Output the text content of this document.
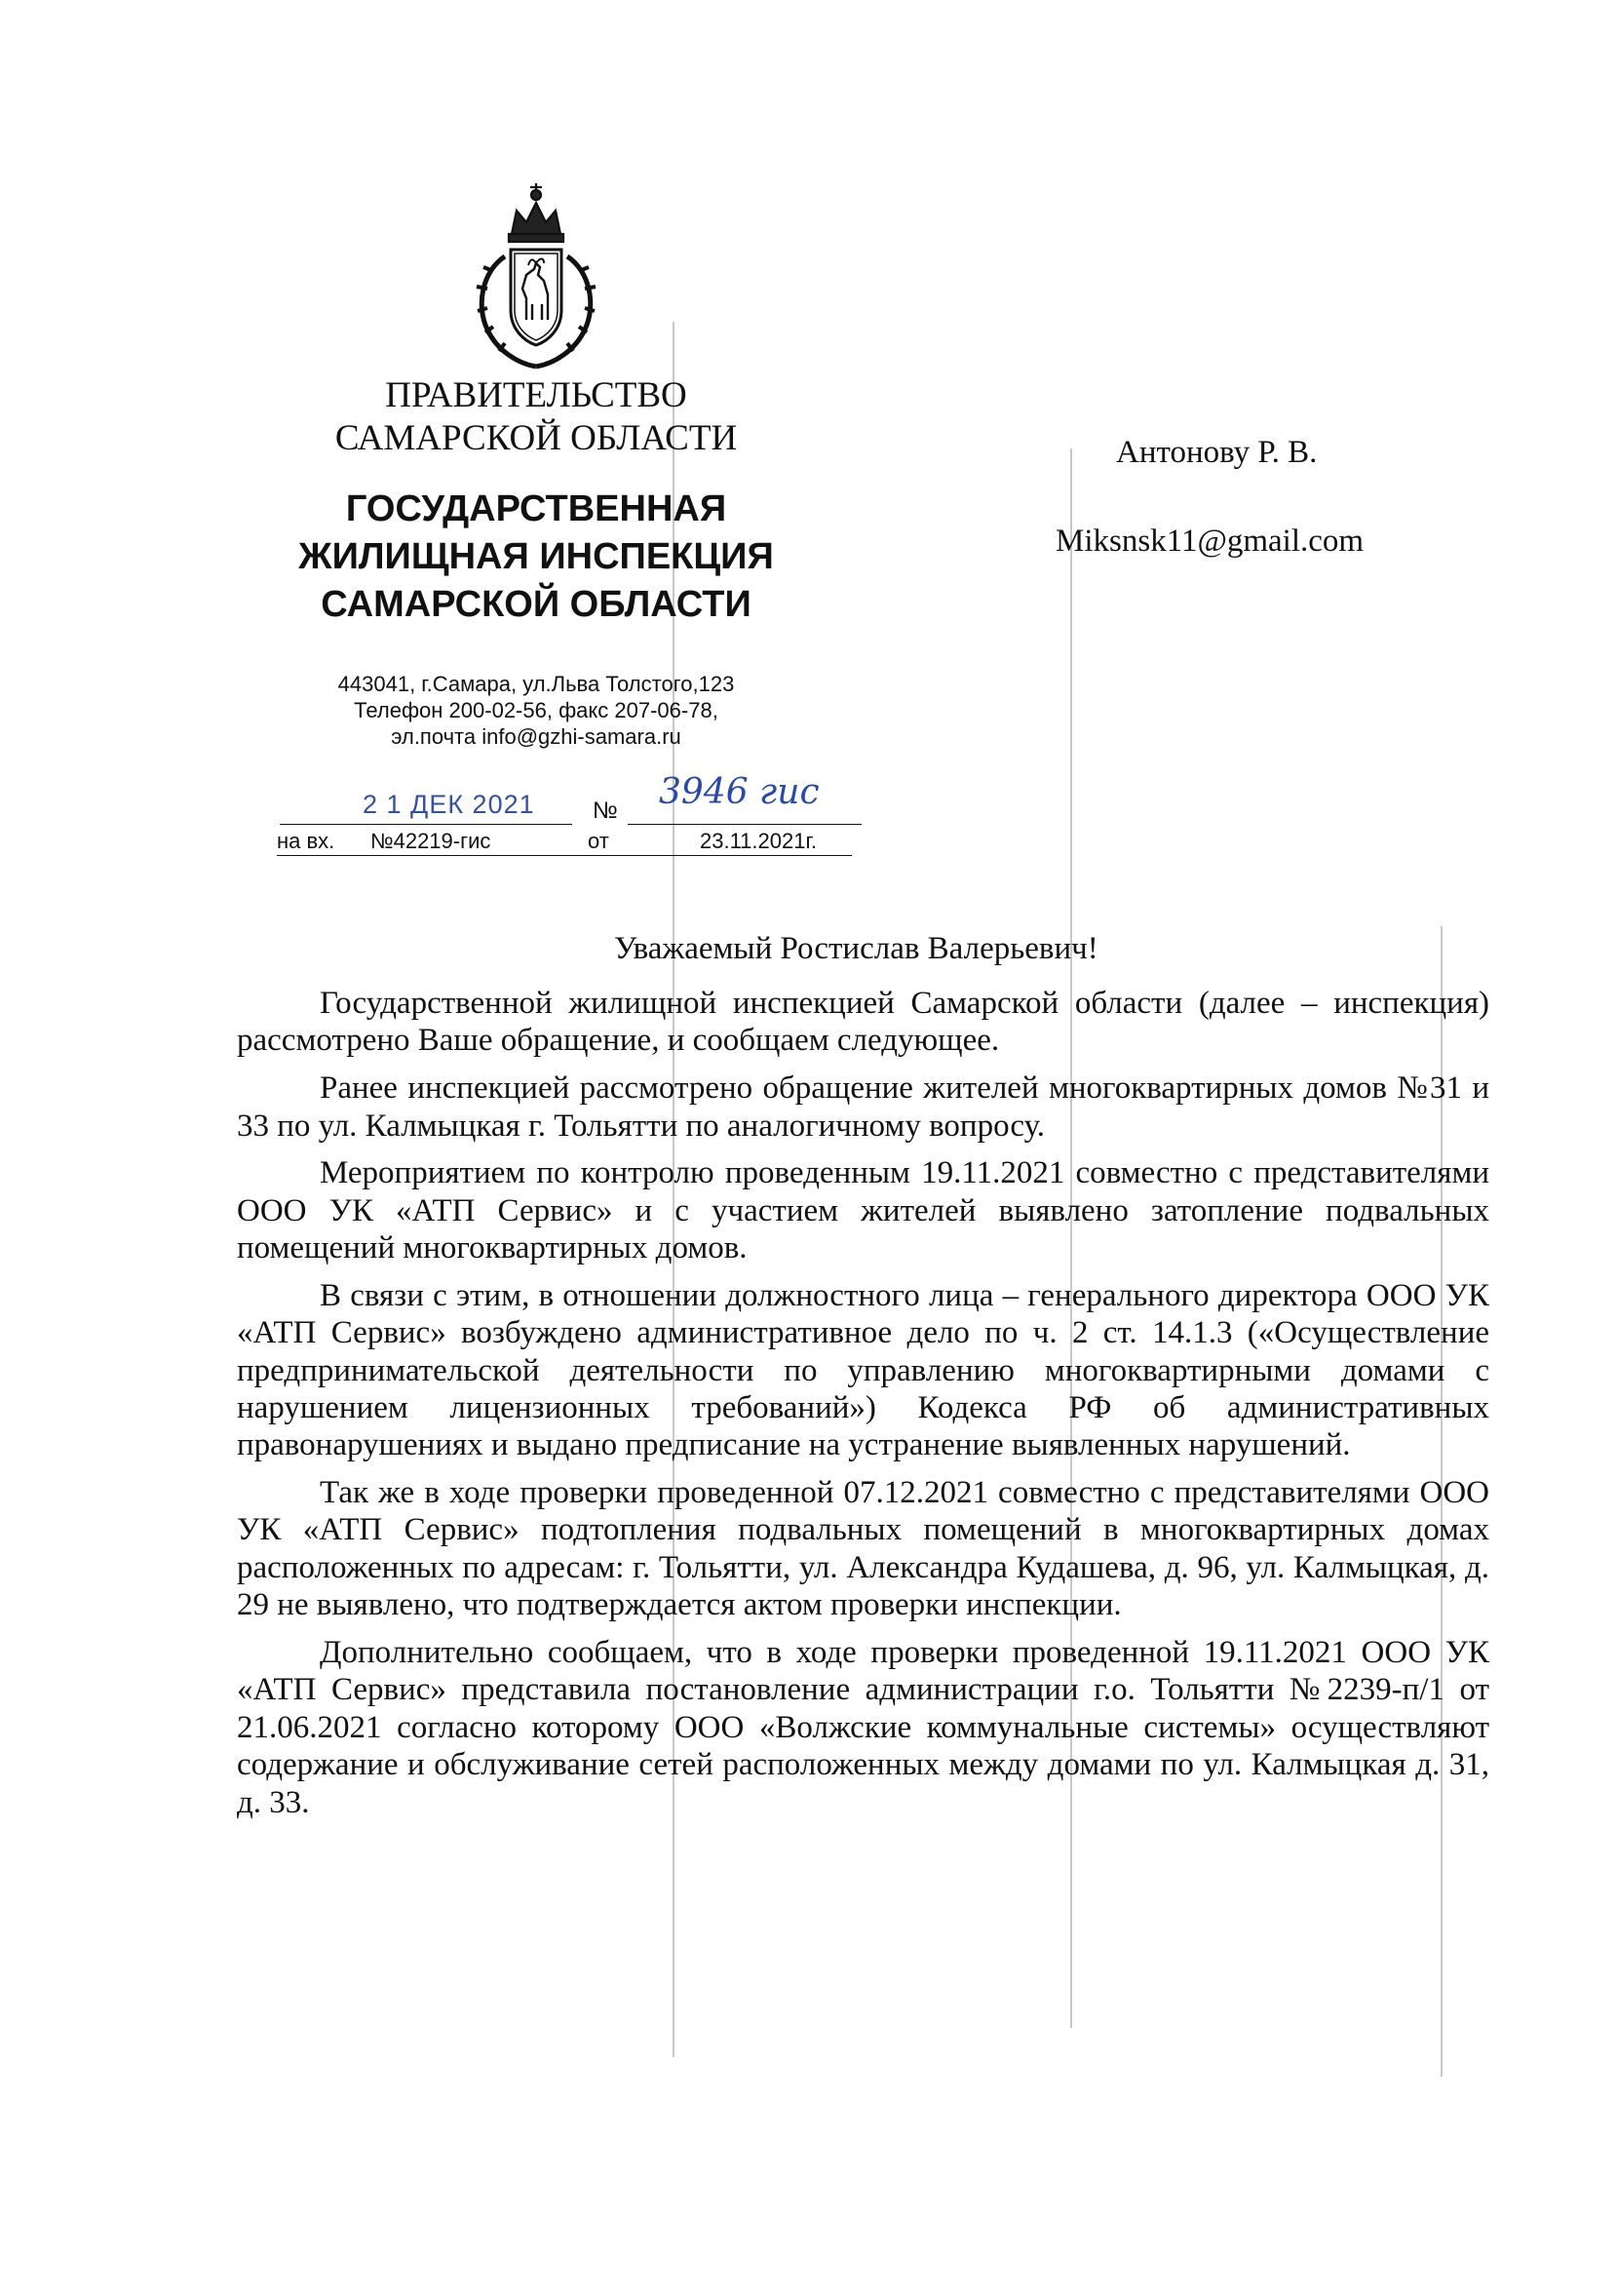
ПРАВИТЕЛЬСТВО
САМАРСКОЙ ОБЛАСТИ
ГОСУДАРСТВЕННАЯ
ЖИЛИЩНАЯ ИНСПЕКЦИЯ
САМАРСКОЙ ОБЛАСТИ
443041, г.Самара, ул.Льва Толстого,123
Телефон 200-02-56, факс 207-06-78,
эл.почта info@gzhi-samara.ru
Антонову Р. В.
Miksnsk11@gmail.com
2 1 ДЕК 2021 № 3946 гис
на вх. №42219-гис	от	23.11.2021г.
Уважаемый Ростислав Валерьевич!

Государственной жилищной инспекцией Самарской области (далее – инспекция) рассмотрено Ваше обращение, и сообщаем следующее.

Ранее инспекцией рассмотрено обращение жителей многоквартирных домов №31 и 33 по ул. Калмыцкая г. Тольятти по аналогичному вопросу.

Мероприятием по контролю проведенным 19.11.2021 совместно с представителями ООО УК «АТП Сервис» и с участием жителей выявлено затопление подвальных помещений многоквартирных домов.

В связи с этим, в отношении должностного лица – генерального директора ООО УК «АТП Сервис» возбуждено административное дело по ч. 2 ст. 14.1.3 («Осуществление предпринимательской деятельности по управлению многоквартирными домами с нарушением лицензионных требований») Кодекса РФ об административных правонарушениях и выдано предписание на устранение выявленных нарушений.

Так же в ходе проверки проведенной 07.12.2021 совместно с представителями ООО УК «АТП Сервис» подтопления подвальных помещений в многоквартирных домах расположенных по адресам: г. Тольятти, ул. Александра Кудашева, д. 96, ул. Калмыцкая, д. 29 не выявлено, что подтверждается актом проверки инспекции.

Дополнительно сообщаем, что в ходе проверки проведенной 19.11.2021 ООО УК «АТП Сервис» представила постановление администрации г.о. Тольятти №2239-п/1 от 21.06.2021 согласно которому ООО «Волжские коммунальные системы» осуществляют содержание и обслуживание сетей расположенных между домами по ул. Калмыцкая д. 31, д. 33.
